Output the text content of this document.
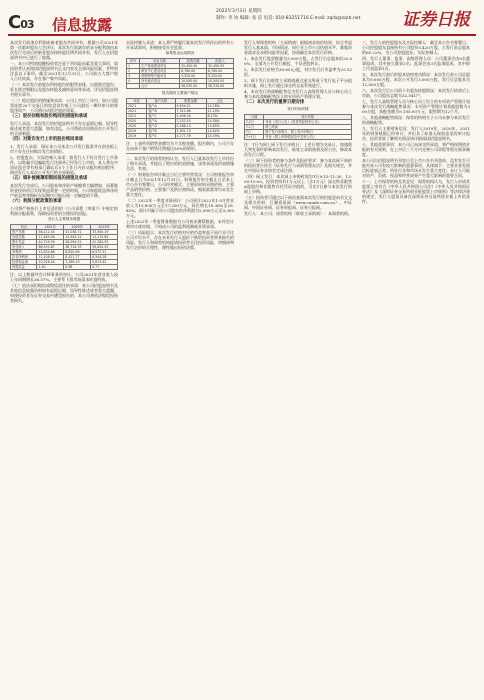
C03 信息披露
2022年3月3日 星期四
制作: 李 冰 编辑: 张 洁 电话: 010-83251716 E-mail: zqrb@zqrb.net	证券日报

本次发行前滚存利润由新老股东共同享有。根据公司2021年第一次临时股东大会决议，本次发行前滚存的未分配利润由本次发行完成后的新老股东按持股比例共同享有，发行人在招股说明书中已进行了披露。

一、本公司特别提醒投资者注意下列风险因素及重大事项，请投资者认真阅读招股说明书正文内容及全部风险因素，并特别注意以下事项。截至2021年12月31日，公司前五大客户收入占比较高，存在客户集中风险。

（一）本次发行前股东所持股份的限售安排、自愿锁定股份、延长锁定期限以及股东持股及减持意向等承诺，详见招股说明书相关章节。

（二）稳定股价的措施和承诺：公司上市后三年内，如公司股票连续20个交易日的收盘价均低于公司最近一期经审计的每股净资产，公司将启动稳定股价预案。

（三）股份回购和股份购回的措施和承诺

发行人承诺，本次发行的招股说明书不存在虚假记载、误导性陈述或者重大遗漏，如有违反，公司将依法回购首次公开发行的全部新股。

（四）对欺诈发行上市的股份购回承诺

1、发行人承诺：保证本公司本次公开发行股票并在创业板上市不存在任何欺诈发行的情形。

2、控股股东、实际控制人承诺：如发行人不符合发行上市条件，以欺骗手段骗取发行注册并已经发行上市的，本人将在中国证监会等有权部门确认后5个工作日内启动股份购回程序，购回发行人本次公开发行的全部新股。

（五）填补被摊薄即期回报的措施及承诺

本次发行完成后，公司股本和净资产规模将大幅增加，而募集资金投资项目实现效益需要一定的时间，公司每股收益和净资产收益率等指标在短期内可能出现一定幅度的下降。

（六）利润分配政策的承诺

公司将严格执行上市后适用的《公司章程（草案）》中规定的利润分配政策，保障投资者的合理投资回报。

发行人主要财务数据
项目	2021年	2020年	2019年
资产总额	58,212.45	41,038.72	33,560.19
负债总额	17,483.06	12,944.21	11,275.64
股东权益	40,729.39	28,094.51	22,284.55
营业收入	66,531.87	48,716.33	39,820.45
净利润	12,634.88	8,810.96	6,972.31
扣非净利润	12,108.52	8,421.77	6,504.18
经营现金流	10,326.44	7,289.10	5,813.92
每股收益	1.40	0.98	0.77

注：以上数据经会计师事务所审计。公司2021年营业收入较上年同期增长36.57%，主要系下游市场需求旺盛所致。

（七）依法承担赔偿或赔偿责任的承诺：本公司招股说明书及其他信息披露资料如有虚假记载、误导性陈述或者重大遗漏，致使投资者在证券交易中遭受损失的，本公司将依法赔偿投资者损失。

实际控制人承诺：本人将严格履行就本次发行所作出的所有公开承诺事项，积极接受社会监督。

募集资金运用情况
序号	项目名称	投资总额	拟投入
1	生产基地建设项目	32,450.00	32,450.00
2	研发中心建设项目	8,760.00	8,760.00
3	营销网络升级项目	5,320.00	5,320.00
4	补充流动资金	10,000.00	10,000.00
	合计	56,530.00	56,530.00
报告期内主要客户情况
年度	客户名称	销售金额	占比
2021	客户A	9,834.21	14.78%
2021	客户B	7,512.66	11.29%
2021	客户C	5,406.30	8.13%
2020	客户A	7,102.55	14.58%
2020	客户D	5,288.14	10.85%
2019	客户B	5,901.72	14.82%
2019	客户E	4,177.39	10.49%

注：上表所列销售金额均为不含税金额。报告期内，公司不存在向单个客户销售比例超过50%的情形。

二、本次发行的保荐机构认为，发行人已就本次发行上市作出了相关承诺，并提出了相应的约束措施，该等承诺及约束措施合法、有效。

（一）财务报告审计截止日后主要经营状况：公司财务报告审计截止日为2021年12月31日。财务报告审计截止日至本上市公告书签署日，公司经营模式、主要原材料采购价格、主要产品销售价格、主要客户及供应商构成、税收政策等均未发生重大变化。

（二）2022年一季度业绩预计：公司预计2022年1-3月营业收入为15,800万元至17,200万元，同比增长18.36%至28.85%；预计归属于母公司股东的净利润为2,900万元至3,300万元。

上述2022年一季度财务数据为公司初步测算数据，未经会计师审计或审阅，不构成公司的盈利预测或业绩承诺。

（三）风险提示：本次发行价格对应的市盈率高于同行业可比公司平均水平，存在未来发行人股价下跌给投资者带来损失的风险。发行人和保荐机构提请投资者关注投资风险，审慎研判发行定价的合理性，理性做出投资决策。

发行人和保荐机构（主承销商）根据初步询价结果，综合考虑发行人基本面、市场情况、同行业上市公司估值水平、募集资金需求及承销风险等因素，协商确定本次发行价格。

1、本次发行股票数量为3,000万股，占发行后总股本的25.00%，全部为公开发行新股，不设老股转让。

2、本次发行价格为30.65元/股，对应发行后市盈率为29.12倍。

3、网下发行由联席主承销商通过深交所网下发行电子平台组织实施，网上发行通过深交所交易系统进行。

4、本次发行的战略配售仅为发行人高级管理人员与核心员工参与本次战略配售设立的专项资产管理计划。

（二）本次发行的重要日期安排
发行时间安排
日期	发行安排
T-2日	刊登《发行公告》《投资风险特别公告》
T-1日	网上路演
T日	网下发行申购日、网上发行申购日
T+1日	刊登《网上申购情况及中签率公告》

注：T日为网上网下发行申购日；上述日期为交易日，如遇重大突发事件影响本次发行，联席主承销商将及时公告，修改本次发行日程。

（三）网下投资者的参与条件及报价要求：参与本次网下询价的投资者应符合《证券发行与承销管理办法》及相关规定，并在中国证券业协会完成注册。

（四）网上发行：本次网上申购时间为T日9:15-11:30、13:00-15:00。投资者持有1万元以上（含1万元）深交所非限售A股股份和非限售存托凭证市值的，可在T日参与本次发行的网上申购。

（五）投资者可通过以下网站查阅本次发行的招股意向书全文及相关资料：巨潮资讯网（www.cninfo.com.cn）、中证网、中国证券网、证券时报网、证券日报网。

发行人：本公司；保荐机构（联席主承销商）：本保荐机构。

三、发行人的控股股东及实际控制人：截至本公告书签署日，公司控股股东直接持有公司股份5,420万股，占发行前总股本的60.22%，为公司控股股东、实际控制人。

四、发行人董事、监事、高级管理人员：公司董事会由9名董事组成，其中独立董事3名；监事会由3名监事组成，其中职工代表监事1名。

五、本次发行前后的股本结构变动情况：本次发行前公司总股本为9,000万股，本次公开发行3,000万股，发行后总股本为12,000万股。

六、本次发行后公司前十名股东持股情况：本次发行结束后上市前，公司股东总数为32,541户。

七、发行人高级管理人员与核心员工设立的专项资产管理计划参与本次发行战略配售情况：专项资产管理计划获配股数为300万股，获配金额为9,195.00万元，限售期为12个月。

八、其他战略配售情况：保荐机构相关子公司未参与本次发行的战略配售。

九、发行人主要财务信息：发行人2019年、2020年、2021年的财务数据已经审计，并出具了标准无保留意见的审计报告，投资者欲了解相关情况请详细阅读招股说明书。

十、其他重要事项：本公司已向深交所承诺，将严格按照创业板的有关规则，在上市后三个月内完善公司章程等相关规章制度。

本公司自招股说明书刊登日至上市公告书刊登前，没有发生可能对本公司有较大影响的重要事项，具体如下：主要业务发展目标进展正常；所处行业和市场未发生重大变化；未订立可能对资产、负债、权益和经营成果产生重大影响的重要合同。

十一、上市保荐机构及其意见：保荐机构认为，发行人申请其股票上市符合《中华人民共和国公司法》《中华人民共和国证券法》及《深圳证券交易所创业板股票上市规则》等法律法规的规定，发行人股票具备在深圳证券交易所创业板上市的条件。
